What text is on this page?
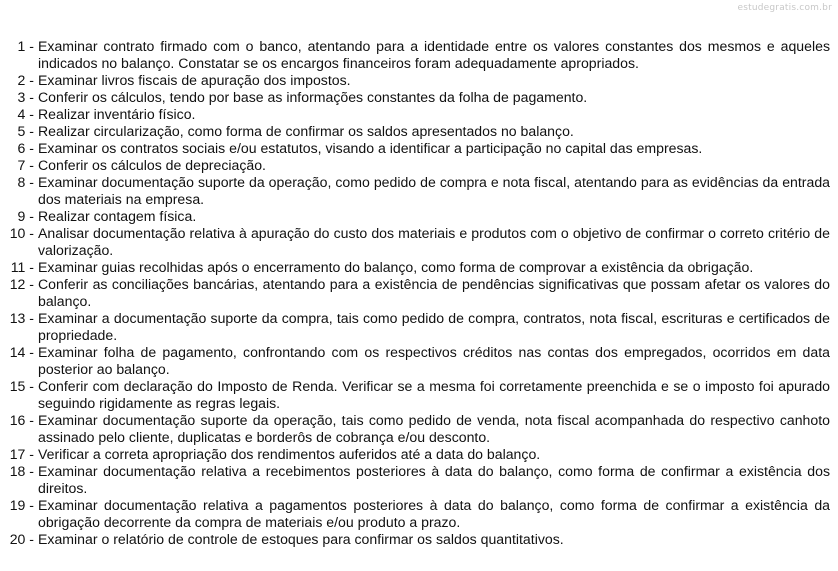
estudegratis.com.br
1 - Examinar contrato firmado com o banco, atentando para a identidade entre os valores constantes dos mesmos e aqueles indicados no balanço. Constatar se os encargos financeiros foram adequadamente apropriados.
2 - Examinar livros fiscais de apuração dos impostos.
3 - Conferir os cálculos, tendo por base as informações constantes da folha de pagamento.
4 - Realizar inventário físico.
5 - Realizar circularização, como forma de confirmar os saldos apresentados no balanço.
6 - Examinar os contratos sociais e/ou estatutos, visando a identificar a participação no capital das empresas.
7 - Conferir os cálculos de depreciação.
8 - Examinar documentação suporte da operação, como pedido de compra e nota fiscal, atentando para as evidências da entrada dos materiais na empresa.
9 - Realizar contagem física.
10 - Analisar documentação relativa à apuração do custo dos materiais e produtos com o objetivo de confirmar o correto critério de valorização.
11 - Examinar guias recolhidas após o encerramento do balanço, como forma de comprovar a existência da obrigação.
12 - Conferir as conciliações bancárias, atentando para a existência de pendências significativas que possam afetar os valores do balanço.
13 - Examinar a documentação suporte da compra, tais como pedido de compra, contratos, nota fiscal, escrituras e certificados de propriedade.
14 - Examinar folha de pagamento, confrontando com os respectivos créditos nas contas dos empregados, ocorridos em data posterior ao balanço.
15 - Conferir com declaração do Imposto de Renda. Verificar se a mesma foi corretamente preenchida e se o imposto foi apurado seguindo rigidamente as regras legais.
16 - Examinar documentação suporte da operação, tais como pedido de venda, nota fiscal acompanhada do respectivo canhoto assinado pelo cliente, duplicatas e borderôs de cobrança e/ou desconto.
17 - Verificar a correta apropriação dos rendimentos auferidos até a data do balanço.
18 - Examinar documentação relativa a recebimentos posteriores à data do balanço, como forma de confirmar a existência dos direitos.
19 - Examinar documentação relativa a pagamentos posteriores à data do balanço, como forma de confirmar a existência da obrigação decorrente da compra de materiais e/ou produto a prazo.
20 - Examinar o relatório de controle de estoques para confirmar os saldos quantitativos.
